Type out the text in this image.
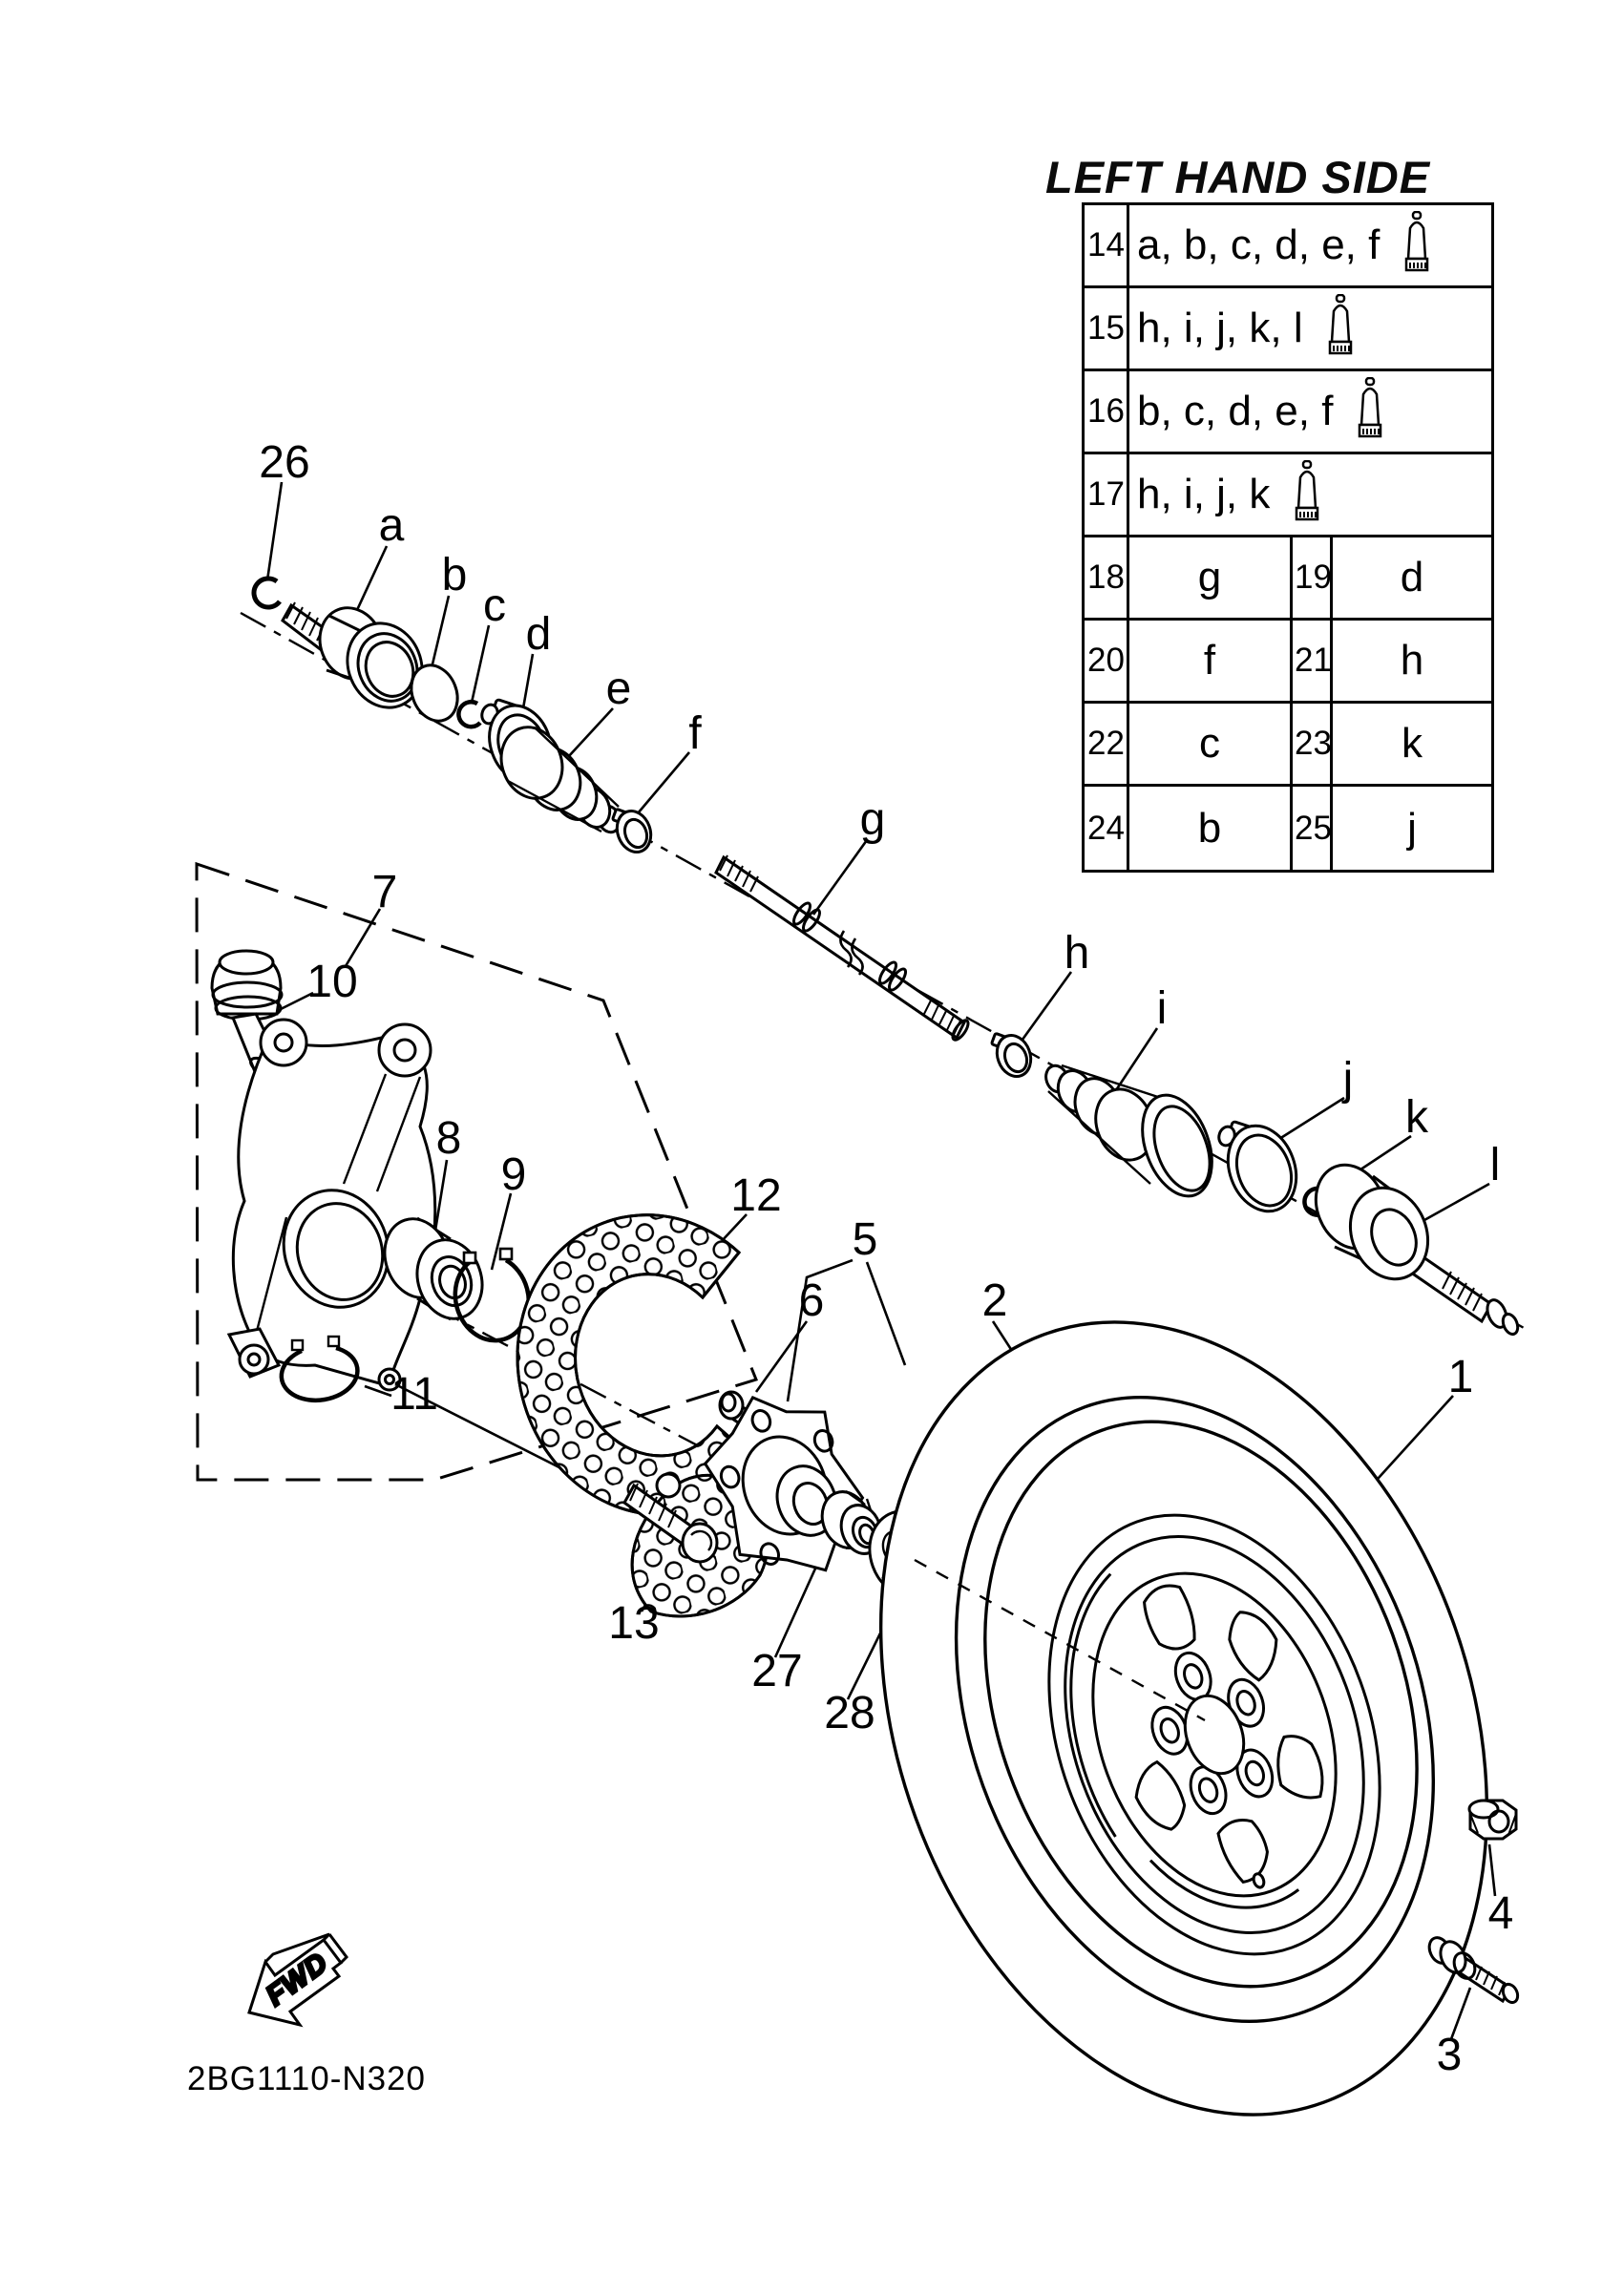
LEFT HAND SIDE
14 a, b, c, d, e, f
15 h, i, j, k, l
16 b, c, d, e, f
17 h, i, j, k
18	g	19	d
20	f	21	h
22	c	23	k
24	b	25	j
FWD
26
a
b
c
d
e
f
g
h
i
j
k
l
7
10
8
9
11
12
5
6	2
13
27
28
1
4
3
2BG1110-N320
